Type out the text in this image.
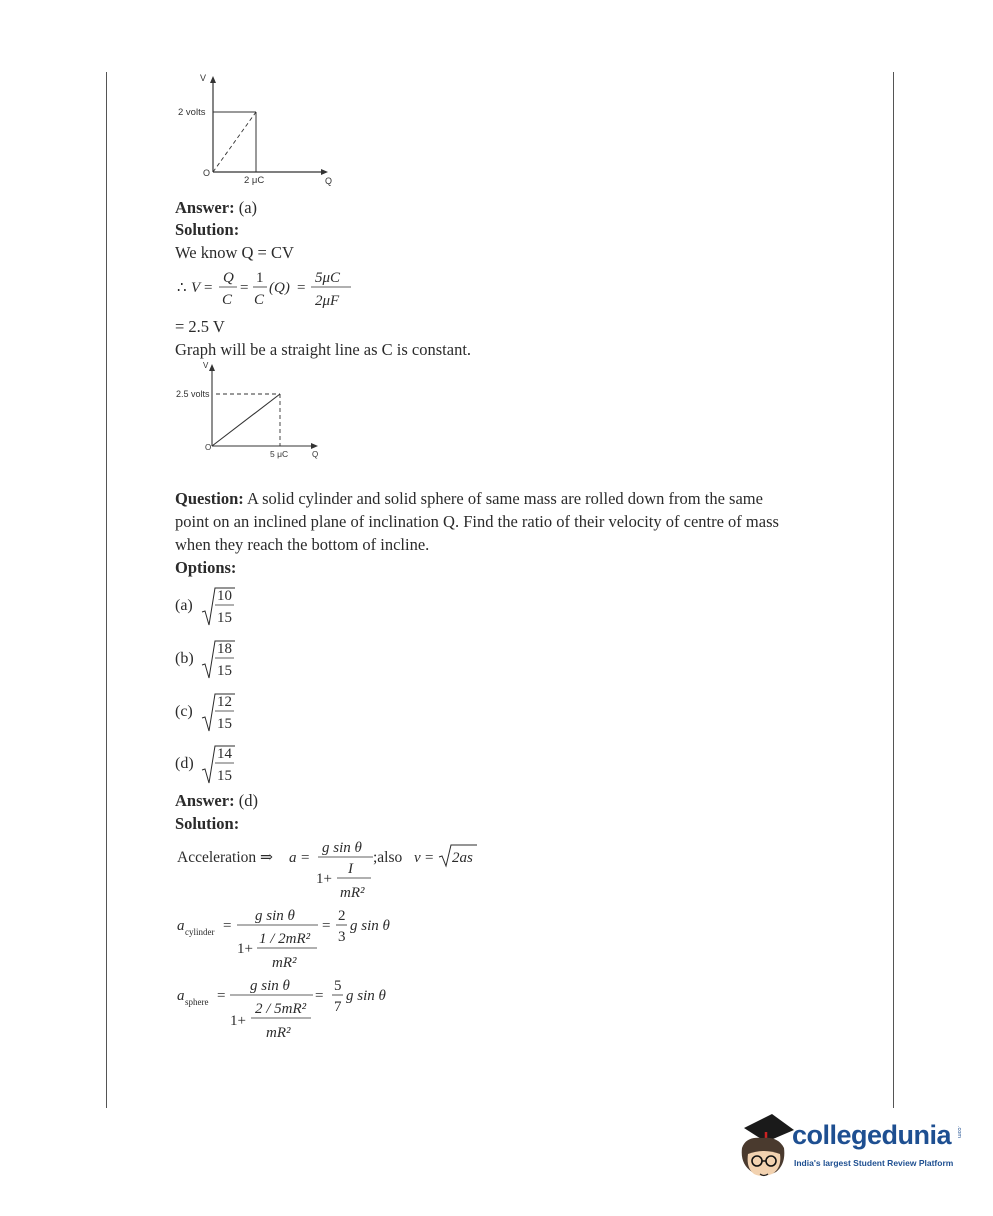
V
2 volts
O
2 μC	Q
Answer: (a)
Solution:
We know Q = CV
∴ V =
Q
C
=
1
C
(Q) =
5μC
2μF
= 2.5 V
Graph will be a straight line as C is constant.
V
2.5 volts
O
5 μC	Q
Question: A solid cylinder and solid sphere of same mass are rolled down from the same
point on an inclined plane of inclination Q. Find the ratio of their velocity of centre of mass
when they reach the bottom of incline.
Options:
(a)
10
15
(b)
18
15
(c)
12
15
(d)
14
15
Answer: (d)
Solution:
Acceleration ⇒ a =
g sin θ
1+
I
mR²
;also v = 2as
a cylinder =
g sin θ
1+
1 / 2mR²
mR²
=
2
3
g sin θ
a sphere =
g sin θ
1+
2 / 5mR²
mR²
=
5
7
g sin θ
collegedunia .com
India's largest Student Review Platform
